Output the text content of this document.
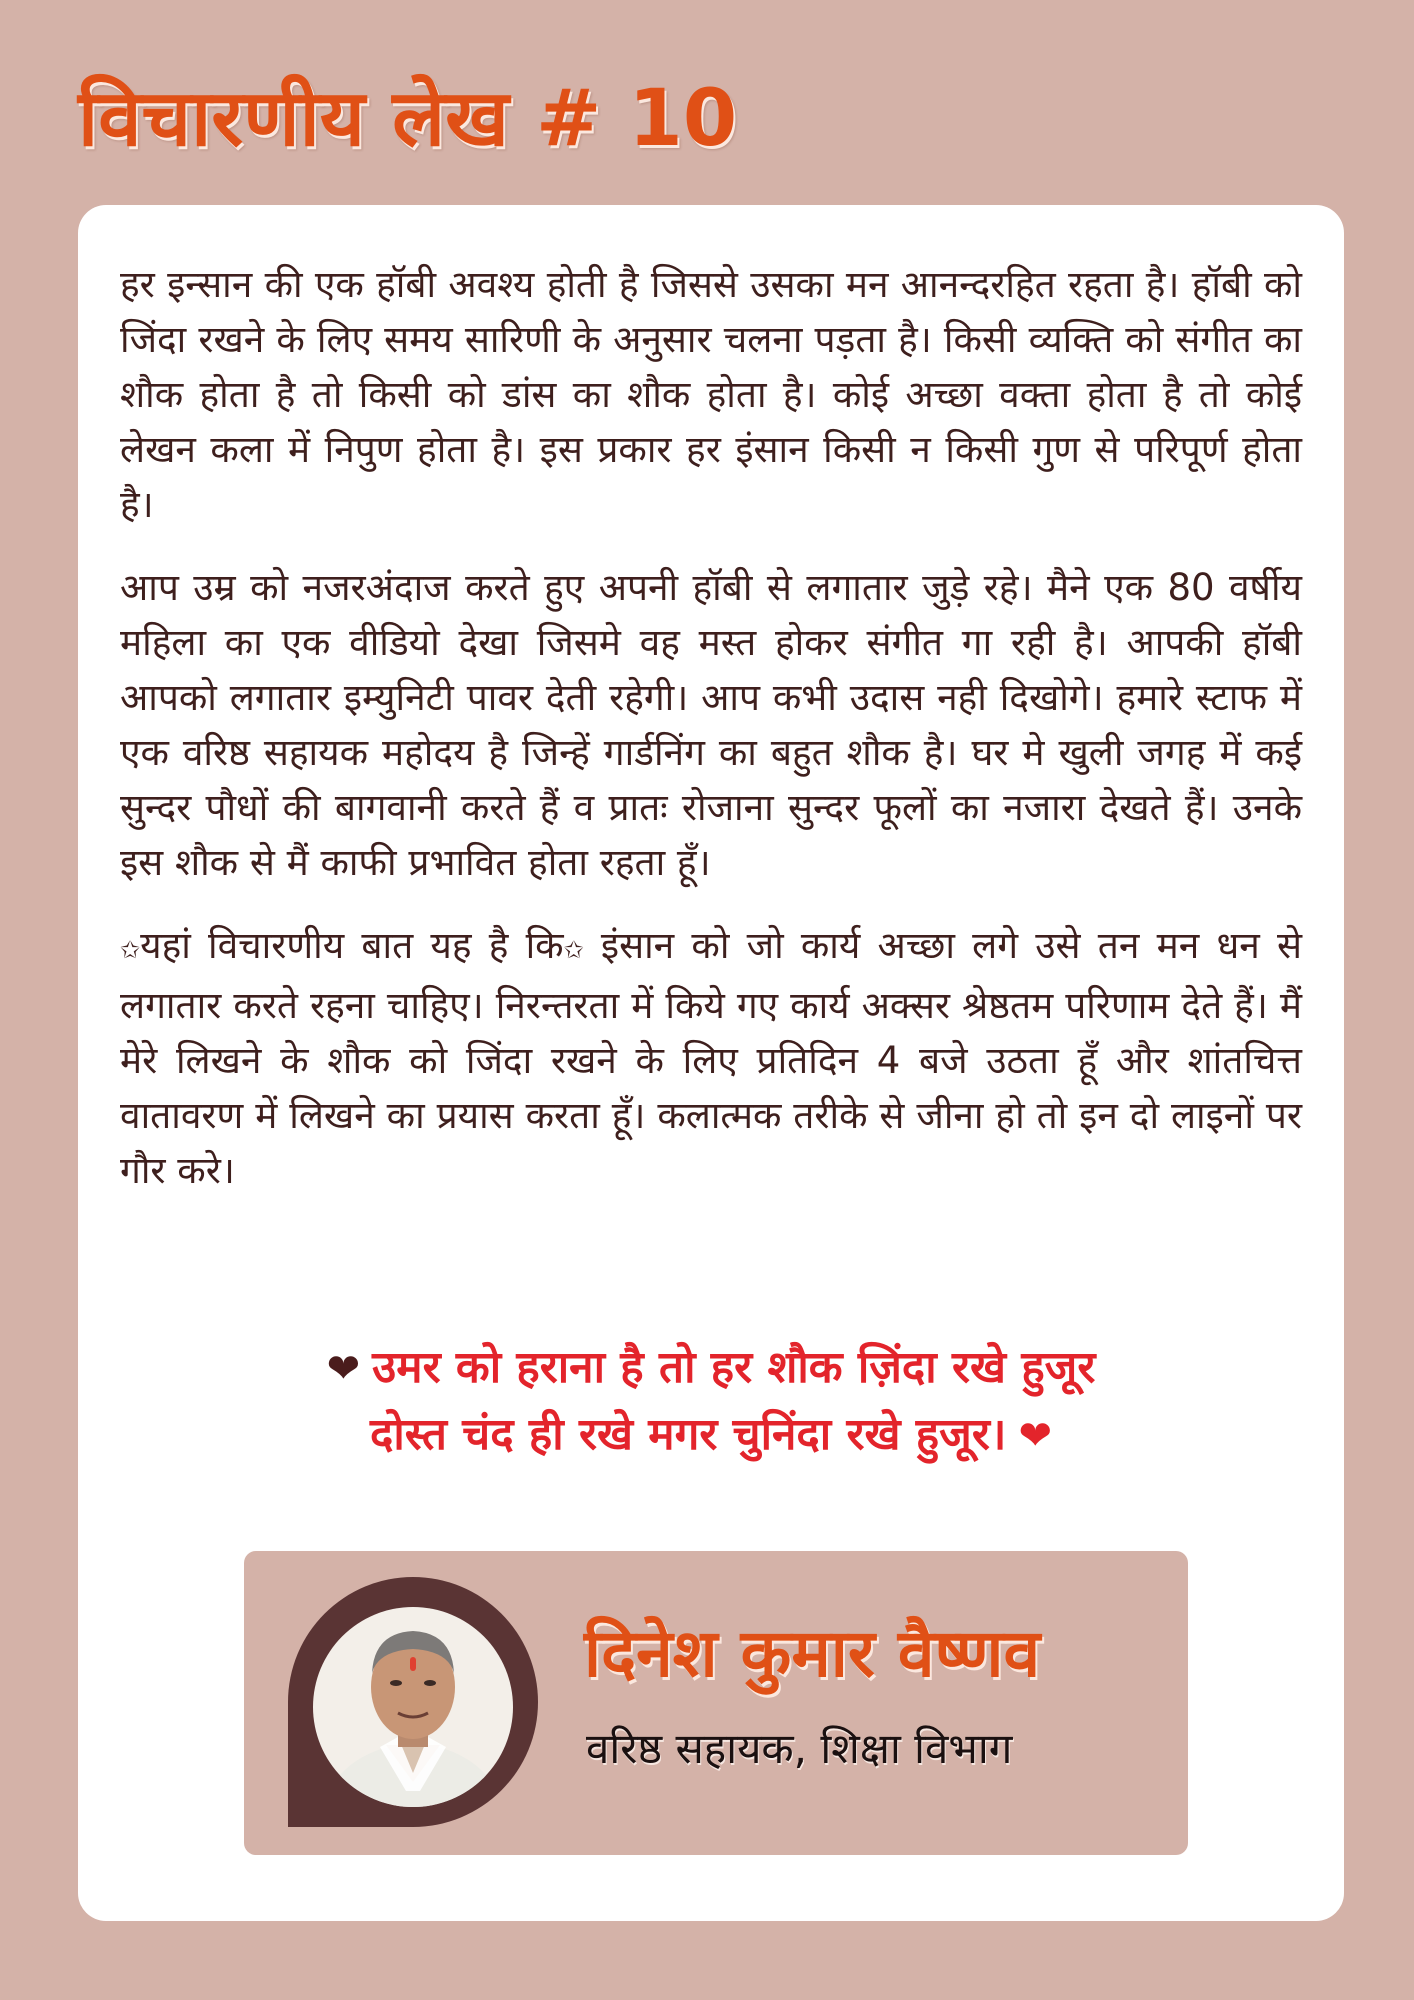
विचारणीय लेख # 10

हर इन्सान की एक हॉबी अवश्य होती है जिससे उसका मन आनन्दरहित रहता है। हॉबी को जिंदा रखने के लिए समय सारिणी के अनुसार चलना पड़ता है। किसी व्यक्ति को संगीत का शौक होता है तो किसी को डांस का शौक होता है। कोई अच्छा वक्ता होता है तो कोई लेखन कला में निपुण होता है। इस प्रकार हर इंसान किसी न किसी गुण से परिपूर्ण होता है।

आप उम्र को नजरअंदाज करते हुए अपनी हॉबी से लगातार जुड़े रहे। मैने एक 80 वर्षीय महिला का एक वीडियो देखा जिसमे वह मस्त होकर संगीत गा रही है। आपकी हॉबी आपको लगातार इम्युनिटी पावर देती रहेगी। आप कभी उदास नही दिखोगे। हमारे स्टाफ में एक वरिष्ठ सहायक महोदय है जिन्हें गार्डनिंग का बहुत शौक है। घर मे खुली जगह में कई सुन्दर पौधों की बागवानी करते हैं व प्रातः रोजाना सुन्दर फूलों का नजारा देखते हैं। उनके इस शौक से मैं काफी प्रभावित होता रहता हूँ।

✩यहां विचारणीय बात यह है कि✩ इंसान को जो कार्य अच्छा लगे उसे तन मन धन से लगातार करते रहना चाहिए। निरन्तरता में किये गए कार्य अक्सर श्रेष्ठतम परिणाम देते हैं। मैं मेरे लिखने के शौक को जिंदा रखने के लिए प्रतिदिन 4 बजे उठता हूँ और शांतचित्त वातावरण में लिखने का प्रयास करता हूँ। कलात्मक तरीके से जीना हो तो इन दो लाइनों पर गौर करे।

❤ उमर को हराना है तो हर शौक ज़िंदा रखे हुजूर
दोस्त चंद ही रखे मगर चुनिंदा रखे हुजूर। ❤
दिनेश कुमार वैष्णव
वरिष्ठ सहायक, शिक्षा विभाग
